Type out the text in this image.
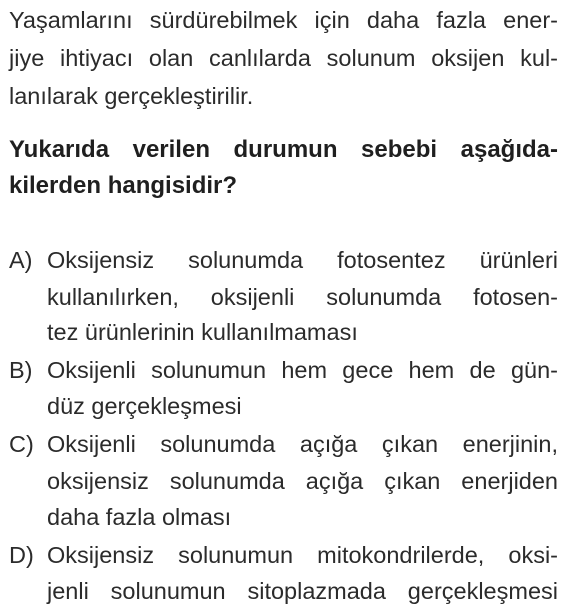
Yaşamlarını sürdürebilmek için daha fazla ener-
jiye ihtiyacı olan canlılarda solunum oksijen kul-
lanılarak gerçekleştirilir.
Yukarıda verilen durumun sebebi aşağıda-
kilerden hangisidir?
A) Oksijensiz solunumda fotosentez ürünleri
kullanılırken, oksijenli solunumda fotosen-
tez ürünlerinin kullanılmaması
B) Oksijenli solunumun hem gece hem de gün-
düz gerçekleşmesi
C) Oksijenli solunumda açığa çıkan enerjinin,
oksijensiz solunumda açığa çıkan enerjiden
daha fazla olması
D) Oksijensiz solunumun mitokondrilerde, oksi-
jenli solunumun sitoplazmada gerçekleşmesi
